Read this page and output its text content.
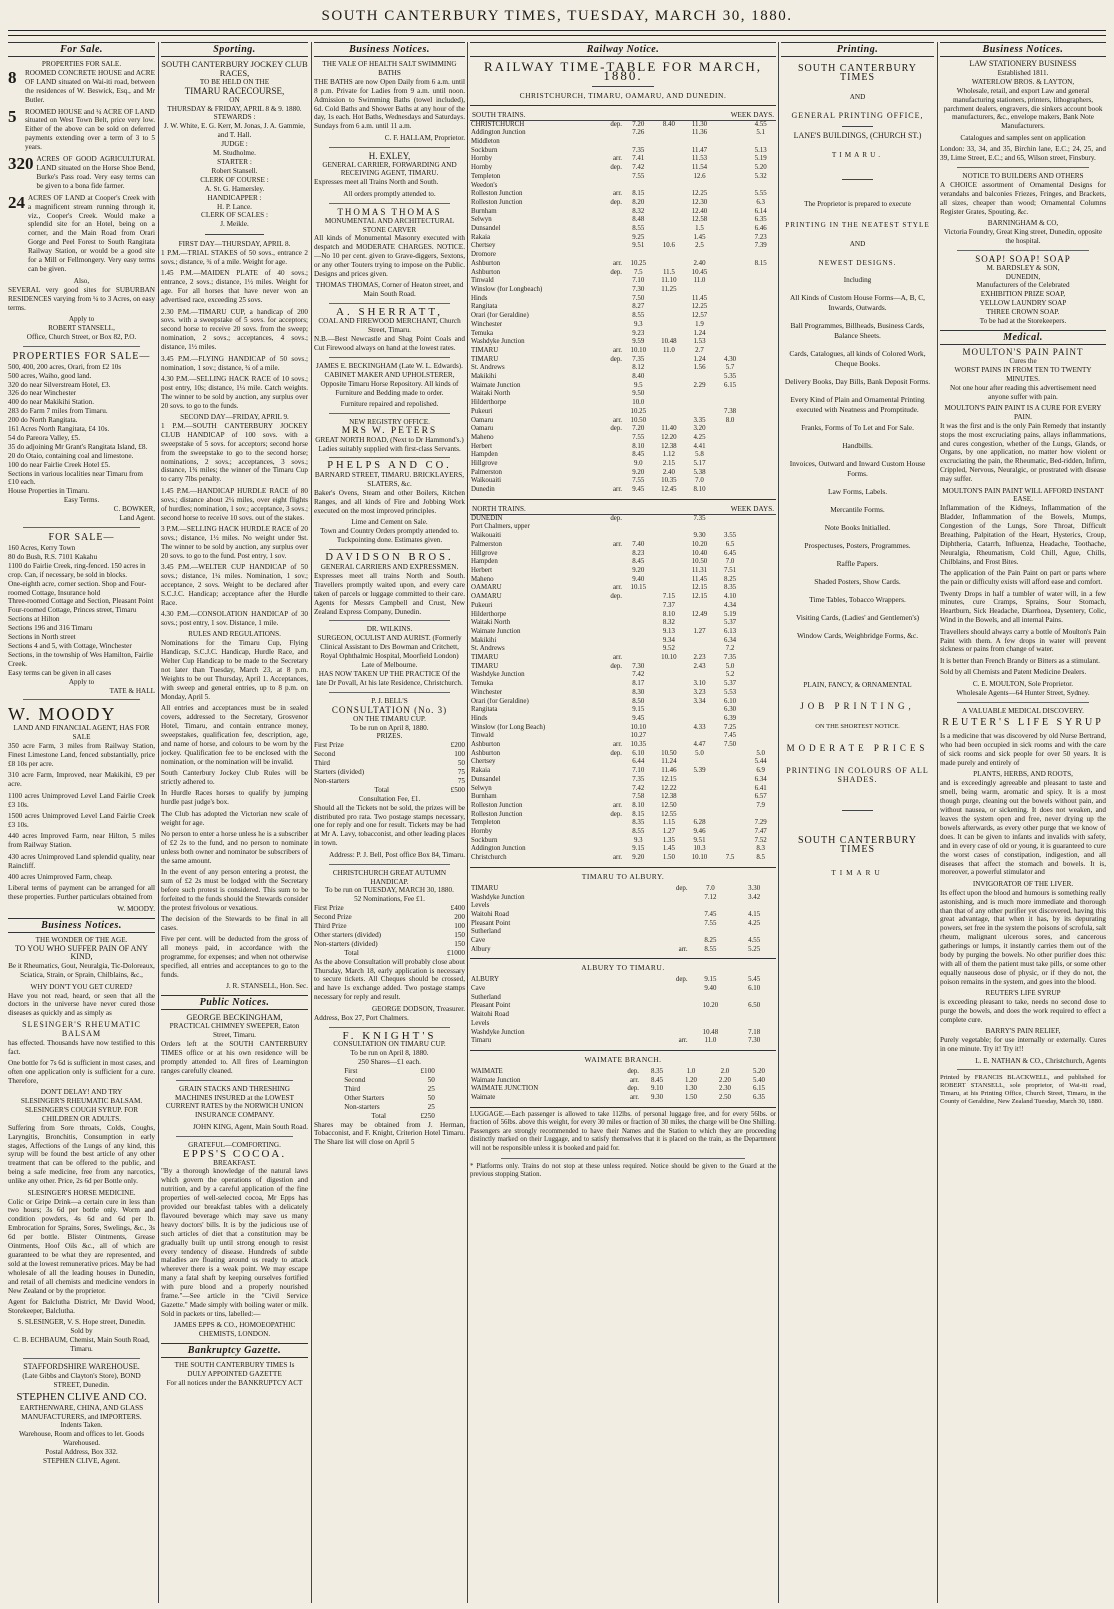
SOUTH CANTERBURY TIMES, TUESDAY, MARCH 30, 1880.
For Sale.
PROPERTIES FOR SALE.
8	ROOMED CONCRETE HOUSE and ACRE OF LAND situated on Wai-iti road, between the residences of W. Beswick, Esq., and Mr Butler.
5	ROOMED HOUSE and ¼ ACRE OF LAND situated on West Town Belt, price very low. Either of the above can be sold on deferred payments extending over a term of 3 to 5 years.
320 ACRES OF GOOD AGRICULTURAL LAND situated on the Horse Shoe Bend, Burke's Pass road. Very easy terms can be given to a bona fide farmer.
24 ACRES OF LAND at Cooper's Creek with a magnificent stream running through it, viz., Cooper's Creek. Would make a splendid site for an Hotel, being on a corner, and the Main Road from Orari Gorge and Peel Forest to South Rangitata Railway Station, or would be a good site for a Mill or Fellmongery. Very easy terms can be given.
Also,

SEVERAL very good sites for SUBURBAN RESIDENCES varying from ¼ to 3 Acres, on easy terms.

Apply to
ROBERT STANSELL,
Office, Church Street, or Box 82, P.O.
PROPERTIES FOR SALE—
500, 400, 200 acres, Orari, from £2 10s
500 acres, Waiho, good land.
320 do near Silverstream Hotel, £3.
326 do near Winchester
400 do near Makikihi Station.
283 do Farm 7 miles from Timaru.
200 do North Rangitata.
161 Acres North Rangitata, £4 10s.
54 do Pareora Valley, £5.
35 do adjoining Mr Grant's Rangitata Island, £8.
20 do Otaio, containing coal and limestone.
100 do near Fairlie Creek Hotel £5.
Sections in various localities near Timaru from £10 each.
House Properties in Timaru.
Easy Terms.
C. BOWKER,
Land Agent.
FOR SALE—
160 Acres, Kerry Town
80 do Bush, R.S. 7101 Kakahu
1100 do Fairlie Creek, ring-fenced. 150 acres in crop. Can, if necessary, be sold in blocks.
One-eighth acre, corner section. Shop and Four-roomed Cottage, Insurance hold
Three-roomed Cottage and Section, Pleasant Point
Four-roomed Cottage, Princes street, Timaru
Sections at Hilton
Sections 196 and 316 Timaru
Sections in North street
Sections 4 and 5, with Cottage, Winchester
Sections, in the township of Wes Hamilton, Fairlie Creek.
Easy terms can be given in all cases
Apply to
TATE & HALL
W. MOODY
LAND AND FINANCIAL AGENT, HAS FOR SALE

350 acre Farm, 3 miles from Railway Station, Finest Limestone Land, fenced substantially, price £8 10s per acre.

310 acre Farm, Improved, near Makikihi, £9 per acre.

1100 acres Unimproved Level Land Fairlie Creek £3 10s.

1500 acres Unimproved Level Land Fairlie Creek £3 10s.

440 acres Improved Farm, near Hilton, 5 miles from Railway Station.

430 acres Unimproved Land splendid quality, near Raincliff.

400 acres Unimproved Farm, cheap.

Liberal terms of payment can be arranged for all these properties. Further particulars obtained from

W. MOODY.
Business Notices.
THE WONDER OF THE AGE.
TO YOU WHO SUFFER PAIN OF ANY KIND,

Be it Rheumatics, Gout, Neuralgia, Tic-Doloreaux, Sciatica, Strain, or Sprain, Chilblains, &c.,

WHY DON'T YOU GET CURED?

Have you not read, heard, or seen that all the doctors in the universe have never cured those diseases as quickly and as simply as

SLESINGER'S RHEUMATIC BALSAM

has effected. Thousands have now testified to this fact.

One bottle for 7s 6d is sufficient in most cases, and often one application only is sufficient for a cure. Therefore,

DON'T DELAY! AND TRY
SLESINGER'S RHEUMATIC BALSAM.
SLESINGER'S COUGH SYRUP. FOR CHILDREN OR ADULTS.

Suffering from Sore throats, Colds, Coughs, Laryngitis, Bronchitis, Consumption in early stages, Affections of the Lungs of any kind, this syrup will be found the best article of any other treatment that can be offered to the public, and being a safe medicine, free from any narcotics, unlike any other. Price, 2s 6d per Bottle only.

SLESINGER'S HORSE MEDICINE.

Colic or Gripe Drink—a certain cure in less than two hours; 3s 6d per bottle only. Worm and condition powders, 4s 6d and 6d per lb. Embrocation for Sprains, Sores, Swelings, &c., 3s 6d per bottle. Blister Ointments, Grease Ointments, Hoof Oils &c., all of which are guaranteed to be what they are represented, and sold at the lowest remunerative prices. May be had wholesale of all the leading houses in Dunedin, and retail of all chemists and medicine vendors in New Zealand or by the proprietor.

Agent for Balclutha District, Mr David Wood, Storekeeper, Balclutha.

S. SLESINGER, V. S. Hope street, Dunedin.
Sold by
C. B. ECHBAUM, Chemist, Main South Road, Timaru.
STAFFORDSHIRE WAREHOUSE.
(Late Gibbs and Clayton's Store), BOND STREET, Dunedin.
STEPHEN CLIVE AND CO.
EARTHENWARE, CHINA, AND GLASS MANUFACTURERS, and IMPORTERS.
Indents Taken.
Warehouse, Room and offices to let. Goods Warehoused.
Postal Address, Box 332.
STEPHEN CLIVE, Agent.
Sporting.
SOUTH CANTERBURY JOCKEY CLUB RACES,
TO BE HELD ON THE
TIMARU RACECOURSE,
ON
THURSDAY & FRIDAY, APRIL 8 & 9. 1880.
STEWARDS :
J. W. White, E. G. Kerr, M. Jonas, J. A. Gammie, and T. Hall.
JUDGE :
M. Studholme.
STARTER :
Robert Stansell.
CLERK OF COURSE :
A. St. G. Hamersley.
HANDICAPPER :
H. P. Lance.
CLERK OF SCALES :
J. Meikle.
FIRST DAY—THURSDAY, APRIL 8.

1 P.M.—TRIAL STAKES of 50 sovs., entrance 2 sovs.; distance, ¾ of a mile. Weight for age.

1.45 P.M.—MAIDEN PLATE of 40 sovs.; entrance, 2 sovs.; distance, 1½ miles. Weight for age. For all horses that have never won an advertised race, exceeding 25 sovs.

2.30 P.M.—TIMARU CUP, a handicap of 200 sovs. with a sweepstake of 5 sovs. for acceptors; second horse to receive 20 sovs. from the sweep; nomination, 2 sovs.; acceptances, 4 sovs.; distance, 1½ miles.

3.45 P.M.—FLYING HANDICAP of 50 sovs.; nomination, 1 sov.; distance, ¾ of a mile.

4.30 P.M.—SELLING HACK RACE of 10 sovs.; post entry, 10s; distance, 1¼ mile. Catch weights. The winner to be sold by auction, any surplus over 20 sovs. to go to the funds.

SECOND DAY—FRIDAY, APRIL 9.

1 P.M.—SOUTH CANTERBURY JOCKEY CLUB HANDICAP of 100 sovs. with a sweepstake of 5 sovs. for acceptors; second horse from the sweepstake to go to the second horse; nominations, 2 sovs.; acceptances, 3 sovs.; distance, 1¾ miles; the winner of the Timaru Cup to carry 7lbs penalty.

1.45 P.M.—HANDICAP HURDLE RACE of 80 sovs.; distance about 2¼ miles, over eight flights of hurdles; nomination, 1 sov.; acceptance, 3 sovs.; second horse to receive 10 sovs. out of the stakes.

3 P.M.—SELLING HACK HURDLE RACE of 20 sovs.; distance, 1½ miles. No weight under 9st. The winner to be sold by auction, any surplus over 20 sovs. to go to the fund. Post entry, 1 sov.

3.45 P.M.—WELTER CUP HANDICAP of 50 sovs.; distance, 1¼ miles. Nomination, 1 sov.; acceptance, 2 sovs. Weight to be declared after S.C.J.C. Handicap; acceptance after the Hurdle Race.

4.30 P.M.—CONSOLATION HANDICAP of 30 sovs.; post entry, 1 sov. Distance, 1 mile.

RULES AND REGULATIONS.

Nominations for the Timaru Cup, Flying Handicap, S.C.J.C. Handicap, Hurdle Race, and Welter Cup Handicap to be made to the Secretary not later than Tuesday, March 23, at 8 p.m. Weights to be out Thursday, April 1. Acceptances, with sweep and general entries, up to 8 p.m. on Monday, April 5.

All entries and acceptances must be in sealed covers, addressed to the Secretary, Grosvenor Hotel, Timaru, and contain entrance money, sweepstakes, qualification fee, description, age, and name of horse, and colours to be worn by the jockey. Qualification fee to be enclosed with the nomination, or the nomination will be invalid.

South Canterbury Jockey Club Rules will be strictly adhered to.

In Hurdle Races horses to qualify by jumping hurdle past judge's box.

The Club has adopted the Victorian new scale of weight for age.

No person to enter a horse unless he is a subscriber of £2 2s to the fund, and no person to nominate unless both owner and nominator be subscribers of the same amount.

In the event of any person entering a protest, the sum of £2 2s must be lodged with the Secretary before such protest is considered. This sum to be forfeited to the funds should the Stewards consider the protest frivolous or vexatious.

The decision of the Stewards to be final in all cases.

Five per cent. will be deducted from the gross of all moneys paid, in accordance with the programme, for expenses; and when not otherwise specified, all entries and acceptances to go to the funds.

J. R. STANSELL, Hon. Sec.
Public Notices.
GEORGE BECKINGHAM,
PRACTICAL CHIMNEY SWEEPER, Eaton Street, Timaru.

Orders left at the SOUTH CANTERBURY TIMES office or at his own residence will be promptly attended to. All fires of Learnington ranges carefully cleaned.

GRAIN STACKS AND THRESHING MACHINES INSURED at the LOWEST CURRENT RATES by the NORWICH UNION INSURANCE COMPANY.

JOHN KING, Agent, Main South Road.
GRATEFUL—COMFORTING.
EPPS'S COCOA.
BREAKFAST.

"By a thorough knowledge of the natural laws which govern the operations of digestion and nutrition, and by a careful application of the fine properties of well-selected cocoa, Mr Epps has provided our breakfast tables with a delicately flavoured beverage which may save us many heavy doctors' bills. It is by the judicious use of such articles of diet that a constitution may be gradually built up until strong enough to resist every tendency of disease. Hundreds of subtle maladies are floating around us ready to attack wherever there is a weak point. We may escape many a fatal shaft by keeping ourselves fortified with pure blood and a properly nourished frame."—See article in the "Civil Service Gazette." Made simply with boiling water or milk. Sold in packets or tins, labelled:—

JAMES EPPS & CO., HOMOEOPATHIC CHEMISTS, LONDON.
Bankruptcy Gazette.
THE SOUTH CANTERBURY TIMES Is
DULY APPOINTED GAZETTE
For all notices under the BANKRUPTCY ACT
Business Notices.
THE VALE OF HEALTH SALT SWIMMING BATHS

THE BATHS are now Open Daily from 6 a.m. until 8 p.m. Private for Ladies from 9 a.m. until noon. Admission to Swimming Baths (towel included), 6d. Cold Baths and Shower Baths at any hour of the day, 1s each. Hot Baths, Wednesdays and Saturdays. Sundays from 6 a.m. until 11 a.m.

C. F. HALLAM, Proprietor.
H. EXLEY,
GENERAL CARRIER, FORWARDING AND RECEIVING AGENT, TIMARU.

Expresses meet all Trains North and South.

All orders promptly attended to.
THOMAS THOMAS
MONUMENTAL AND ARCHITECTURAL STONE CARVER

All kinds of Monumental Masonry executed with despatch and MODERATE CHARGES. NOTICE.—No 10 per cent. given to Grave-diggers, Sextons, or any other Touters trying to impose on the Public. Designs and prices given.

THOMAS THOMAS, Corner of Heaton street, and Main South Road.
A. SHERRATT,
COAL AND FIREWOOD MERCHANT, Church Street, Timaru.

N.B.—Best Newcastle and Shag Point Coals and Cut Firewood always on hand at the lowest rates.

JAMES E. BECKINGHAM (Late W. L. Edwards).

CABINET MAKER AND UPHOLSTERER, Opposite Timaru Horse Repository. All kinds of Furniture and Bedding made to order.

Furniture repaired and repolished.
NEW REGISTRY OFFICE.
MRS W. PETERS
GREAT NORTH ROAD, (Next to Dr Hammond's.)

Ladies suitably supplied with first-class Servants.

PHELPS AND CO.
BARNARD STREET, TIMARU. BRICKLAYERS, SLATERS, &c.

Baker's Ovens, Steam and other Boilers, Kitchen Ranges, and all kinds of Fire and Jobbing Work executed on the most improved principles.

Lime and Cement on Sale.
Town and Country Orders promptly attended to.
Tuckpointing done. Estimates given.
DAVIDSON BROS.
GENERAL CARRIERS AND EXPRESSMEN.

Expresses meet all trains North and South. Travellers promptly waited upon, and every care taken of parcels or luggage committed to their care. Agents for Messrs Campbell and Crust, New Zealand Express Company, Dunedin.

DR. WILKINS.
SURGEON, OCULIST AND AURIST. (Formerly Clinical Assistant to Drs Bowman and Critchett, Royal Ophthalmic Hospital, Moorfield London)
Late of Melbourne.
HAS NOW TAKEN UP THE PRACTICE Of the late Dr Povall, At his late Residence, Christchurch.
P. J. BELL'S
CONSULTATION (No. 3)
ON THE TIMARU CUP.
To be run on April 8, 1880.
PRIZES.
First Prize	£200
Second	100
Third	50
Starters (divided)	75
Non-starters	75
Total	£500
Consultation Fee, £1.

Should all the Tickets not be sold, the prizes will be distributed pro rata. Two postage stamps necessary, one for reply and one for result. Tickets may be had at Mr A. Lavy, tobacconist, and other leading places in town.

Address: P. J. Bell, Post office Box 84, Timaru.
CHRISTCHURCH GREAT AUTUMN HANDICAP.
To be run on TUESDAY, MARCH 30, 1880.
52 Nominations, Fee £1.
First Prize	£400
Second Prize	200
Third Prize	100
Other starters (divided)	150
Non-starters (divided)	150
Total	£1000

As the above Consultation will probably close about Thursday, March 18, early application is necessary to secure tickets. All Cheques should be crossed, and have 1s exchange added. Two postage stamps necessary for reply and result.

GEORGE DODSON, Treasurer.
Address, Box 27, Port Chalmers.
F. KNIGHT'S
CONSULTATION ON TIMARU CUP.
To be run on April 8, 1880.
250 Shares—£1 each.
First	£100
Second	50
Third	25
Other Starters	50
Non-starters	25
Total	£250

Shares may be obtained from J. Herman, Tobacconist, and F. Knight, Criterion Hotel Timaru. The Share list will close on April 5

Railway Notice.
RAILWAY TIME-TABLE FOR MARCH, 1880.
CHRISTCHURCH, TIMARU, OAMARU, AND DUNEDIN.
SOUTH TRAINS.	WEEK DAYS.
CHRISTCHURCH	dep.	7.20	8.40	11.30		4.55
Addington Junction		7.26		11.36		5.1
Middleton						
Sockburn		7.35		11.47		5.13
Hornby	arr.	7.41		11.53		5.19
Hornby	dep.	7.42		11.54		5.20
Templeton		7.55		12.6		5.32
Weedon's						
Rolleston Junction	arr.	8.15		12.25		5.55
Rolleston Junction	dep.	8.20		12.30		6.3
Burnham		8.32		12.40		6.14
Selwyn		8.48		12.58		6.35
Dunsandel		8.55		1.5		6.46
Rakaia		9.25		1.45		7.23
Chertsey		9.51	10.6	2.5		7.39
Dromore						
Ashburton	arr.	10.25		2.40		8.15
Ashburton	dep.	7.5	11.5	10.45		
Tinwald		7.10	11.10	11.0		
Winslow (for Longbeach)		7.30	11.25			
Hinds		7.50		11.45		
Rangitata		8.27		12.25		
Orari (for Geraldine)		8.55		12.57		
Winchester		9.3		1.9		
Temuka		9.23		1.24		
Washdyke Junction		9.59	10.48	1.53		
TIMARU	arr.	10.10	11.0	2.7		
TIMARU	dep.	7.35		1.24	4.30	
St. Andrews		8.12		1.56	5.7	
Makikihi		8.40			5.35	
Waimate Junction		9.5		2.29	6.15	
Waitaki North		9.50				
Hilderthorpe		10.0				
Pukeuri		10.25			7.38	
Oamaru	arr.	10.50		3.35	8.0	
Oamaru	dep.	7.20	11.40	3.20		
Maheno		7.55	12.20	4.25		
Herbert		8.10	12.38	4.41		
Hampden		8.45	1.12	5.8		
Hillgrove		9.0	2.15	5.17		
Palmerston		9.20	2.40	5.38		
Waikouaiti		7.55	10.35	7.0		
Dunedin	arr.	9.45	12.45	8.10		
NORTH TRAINS.	WEEK DAYS.
DUNEDIN	dep.			7.35		
Port Chalmers, upper						
Waikouaiti				9.30	3.55	
Palmerston	arr.	7.40		10.20	6.5	
Hillgrove		8.23		10.40	6.45	
Hampden		8.45		10.50	7.0	
Herbert		9.20		11.31	7.51	
Maheno		9.40		11.45	8.25	
OAMARU	arr.	10.15		12.15	8.35	
OAMARU	dep.		7.15	12.15	4.10	
Pukeuri			7.37		4.34	
Hilderthorpe			8.10	12.49	5.19	
Waitaki North			8.32		5.37	
Waimate Junction			9.13	1.27	6.13	
Makikihi			9.34		6.34	
St. Andrews			9.52		7.2	
TIMARU	arr.		10.10	2.23	7.35	
TIMARU	dep.	7.30		2.43	5.0	
Washdyke Junction		7.42			5.2	
Temuka		8.17		3.10	5.37	
Winchester		8.30		3.23	5.53	
Orari (for Geraldine)		8.50		3.34	6.10	
Rangitata		9.15			6.30	
Hinds		9.45			6.39	
Winslow (for Long Beach)		10.10		4.33	7.25	
Tinwald		10.27			7.45	
Ashburton	arr.	10.35		4.47	7.50	
Ashburton	dep.	6.10	10.50	5.0		5.0
Chertsey		6.44	11.24			5.44
Rakaia		7.10	11.46	5.39		6.9
Dunsandel		7.35	12.15			6.34
Selwyn		7.42	12.22			6.41
Burnham		7.58	12.38			6.57
Rolleston Junction	arr.	8.10	12.50			7.9
Rolleston Junction	dep.	8.15	12.55			
Templeton		8.35	1.15	6.28		7.29
Hornby		8.55	1.27	9.46		7.47
Sockburn		9.3	1.35	9.51		7.52
Addington Junction		9.15	1.45	10.3		8.3
Christchurch	arr.	9.20	1.50	10.10	7.5	8.5
TIMARU TO ALBURY.
TIMARU	dep.	7.0	3.30
Washdyke Junction		7.12	3.42
Levels			
Waitohi Road		7.45	4.15
Pleasant Point		7.55	4.25
Sutherland			
Cave		8.25	4.55
Albury	arr.	8.55	5.25
ALBURY TO TIMARU.
ALBURY	dep.	9.15	5.45
Cave		9.40	6.10
Sutherland			
Pleasant Point		10.20	6.50
Waitohi Road			
Levels			
Washdyke Junction		10.48	7.18
Timaru	arr.	11.0	7.30
WAIMATE BRANCH.
WAIMATE	dep.	8.35	1.0	2.0	5.20
Waimate Junction	arr.	8.45	1.20	2.20	5.40
WAIMATE JUNCTION	dep.	9.10	1.30	2.30	6.15
Waimate	arr.	9.30	1.50	2.50	6.35

LUGGAGE.—Each passenger is allowed to take 112lbs. of personal luggage free, and for every 56lbs. or fraction of 56lbs. above this weight, for every 30 miles or fraction of 30 miles, the charge will be One Shilling. Passengers are strongly recommended to have their Names and the Station to which they are proceeding distinctly marked on their Luggage, and to satisfy themselves that it is placed on the train, as the Department will not be responsible unless it is booked and paid for.

* Platforms only. Trains do not stop at these unless required. Notice should be given to the Guard at the previous stopping Station.

Printing.
SOUTH CANTERBURY TIMES
AND
GENERAL PRINTING OFFICE,
LANE'S BUILDINGS, (CHURCH ST.)
TIMARU.
The Proprietor is prepared to execute
PRINTING IN THE NEATEST STYLE
AND
NEWEST DESIGNS.
Including
All Kinds of Custom House Forms—A, B, C, Inwards, Outwards.
Ball Programmes, Billheads, Business Cards, Balance Sheets.
Cards, Catalogues, all kinds of Colored Work, Cheque Books.
Delivery Books, Day Bills, Bank Deposit Forms.
Every Kind of Plain and Ornamental Printing executed with Neatness and Promptitude.
Franks, Forms of To Let and For Sale.
Handbills.
Invoices, Outward and Inward Custom House Forms.
Law Forms, Labels.
Mercantile Forms.
Note Books Initialled.
Prospectuses, Posters, Programmes.
Raffle Papers.
Shaded Posters, Show Cards.
Time Tables, Tobacco Wrappers.
Visiting Cards, (Ladies' and Gentlemen's)
Window Cards, Weighbridge Forms, &c.
PLAIN, FANCY, & ORNAMENTAL
JOB PRINTING,
ON THE SHORTEST NOTICE.
MODERATE PRICES
PRINTING IN COLOURS OF ALL SHADES.
SOUTH CANTERBURY TIMES
TIMARU
Business Notices.
LAW STATIONERY BUSINESS
Established 1811.
WATERLOW BROS. & LAYTON,

Wholesale, retail, and export Law and general manufacturing stationers, printers, lithographers, parchment dealers, engravers, die sinkers account book manufacturers, &c., envelope makers, Bank Note Manufacturers.

Catalogues and samples sent on application

London: 33, 34, and 35, Birchin lane, E.C.; 24, 25, and 39, Lime Street, E.C.; and 65, Wilson street, Finsbury.

NOTICE TO BUILDERS AND OTHERS

A CHOICE assortment of Ornamental Designs for verandahs and balconies Friezes, Fringes, and Brackets, all sizes, cheaper than wood; Ornamental Columns Register Grates, Spouting, &c.

BARNINGHAM & CO,
Victoria Foundry, Great King street, Dunedin, opposite the hospital.
SOAP! SOAP! SOAP
M. BARDSLEY & SON,
DUNEDIN,
Manufacturers of the Celebrated
EXHIBITION PRIZE SOAP,
YELLOW LAUNDRY SOAP
THREE CROWN SOAP.
To be had at the Storekeepers.
Medical.
MOULTON'S PAIN PAINT
Cures the
WORST PAINS IN FROM TEN TO TWENTY MINUTES.

Not one hour after reading this advertisement need anyone suffer with pain.

MOULTON'S PAIN PAINT IS A CURE FOR EVERY PAIN.

It was the first and is the only Pain Remedy that instantly stops the most excruciating pains, allays inflammations, and cures congestion, whether of the Lungs, Glands, or Organs, by one application, no matter how violent or excruciating the pain, the Rheumatic, Bed-ridden, Infirm, Crippled, Nervous, Neuralgic, or prostrated with disease may suffer.

MOULTON'S PAIN PAINT WILL AFFORD INSTANT EASE.

Inflammation of the Kidneys, Inflammation of the Bladder, Inflammation of the Bowels, Mumps, Congestion of the Lungs, Sore Throat, Difficult Breathing, Palpitation of the Heart, Hysterics, Croup, Diphtheria, Catarrh, Influenza, Headache, Toothache, Neuralgia, Rheumatism, Cold Chill, Ague, Chills, Chilblains, and Frost Bites.

The application of the Pain Paint on part or parts where the pain or difficulty exists will afford ease and comfort.

Twenty Drops in half a tumbler of water will, in a few minutes, cure Cramps, Sprains, Sour Stomach, Heartburn, Sick Headache, Diarrhoea, Dysentery, Colic, Wind in the Bowels, and all internal Pains.

Travellers should always carry a bottle of Moulton's Pain Paint with them. A few drops in water will prevent sickness or pains from change of water.

It is better than French Brandy or Bitters as a stimulant.

Sold by all Chemists and Patent Medicine Dealers.

C. E. MOULTON, Sole Proprietor.
Wholesale Agents—64 Hunter Street, Sydney.
A VALUABLE MEDICAL DISCOVERY.
REUTER'S LIFE SYRUP

Is a medicine that was discovered by old Nurse Bertrand, who had been occupied in sick rooms and with the care of sick rooms and sick people for over 50 years. It is made purely and entirely of

PLANTS, HERBS, AND ROOTS,

and is exceedingly agreeable and pleasant to taste and smell, being warm, aromatic and spicy. It is a most though purge, cleaning out the bowels without pain, and without nausea, or sickening. It does not weaken, and leaves the system open and free, never drying up the bowels afterwards, as every other purge that we know of does. It can be given to infants and invalids with safety, and in every case of old or young, it is guaranteed to cure the worst cases of constipation, indigestion, and all diseases that affect the stomach and bowels. It is, moreover, a powerful stimulator and

INVIGORATOR OF THE LIVER.

Its effect upon the blood and humours is something really astonishing, and is much more immediate and thorough than that of any other purifier yet discovered, having this great advantage, that when it has, by its depurating powers, set free in the system the poisons of scrofula, salt rheum, malignant ulcerous sores, and cancerous gatherings or lumps, it instantly carries them out of the body by purging the bowels. No other purifier does this: with all of them the patient must take pills, or some other equally nauseous dose of physic, or if they do not, the poison remains in the system, and goes into the blood.

REUTER'S LIFE SYRUP

is exceeding pleasant to take, needs no second dose to purge the bowels, and does the work required to effect a complete cure.

BARRY'S PAIN RELIEF,

Purely vegetable; for use internally or externally. Cures in one minute. Try it! Try it!!

L. E. NATHAN & CO., Christchurch, Agents

Printed by FRANCIS BLACKWELL, and published for ROBERT STANSELL, sole proprietor, of Wai-iti road, Timaru, at his Printing Office, Church Street, Timaru, in the County of Geraldine, New Zealand Tuesday, March 30, 1880.
